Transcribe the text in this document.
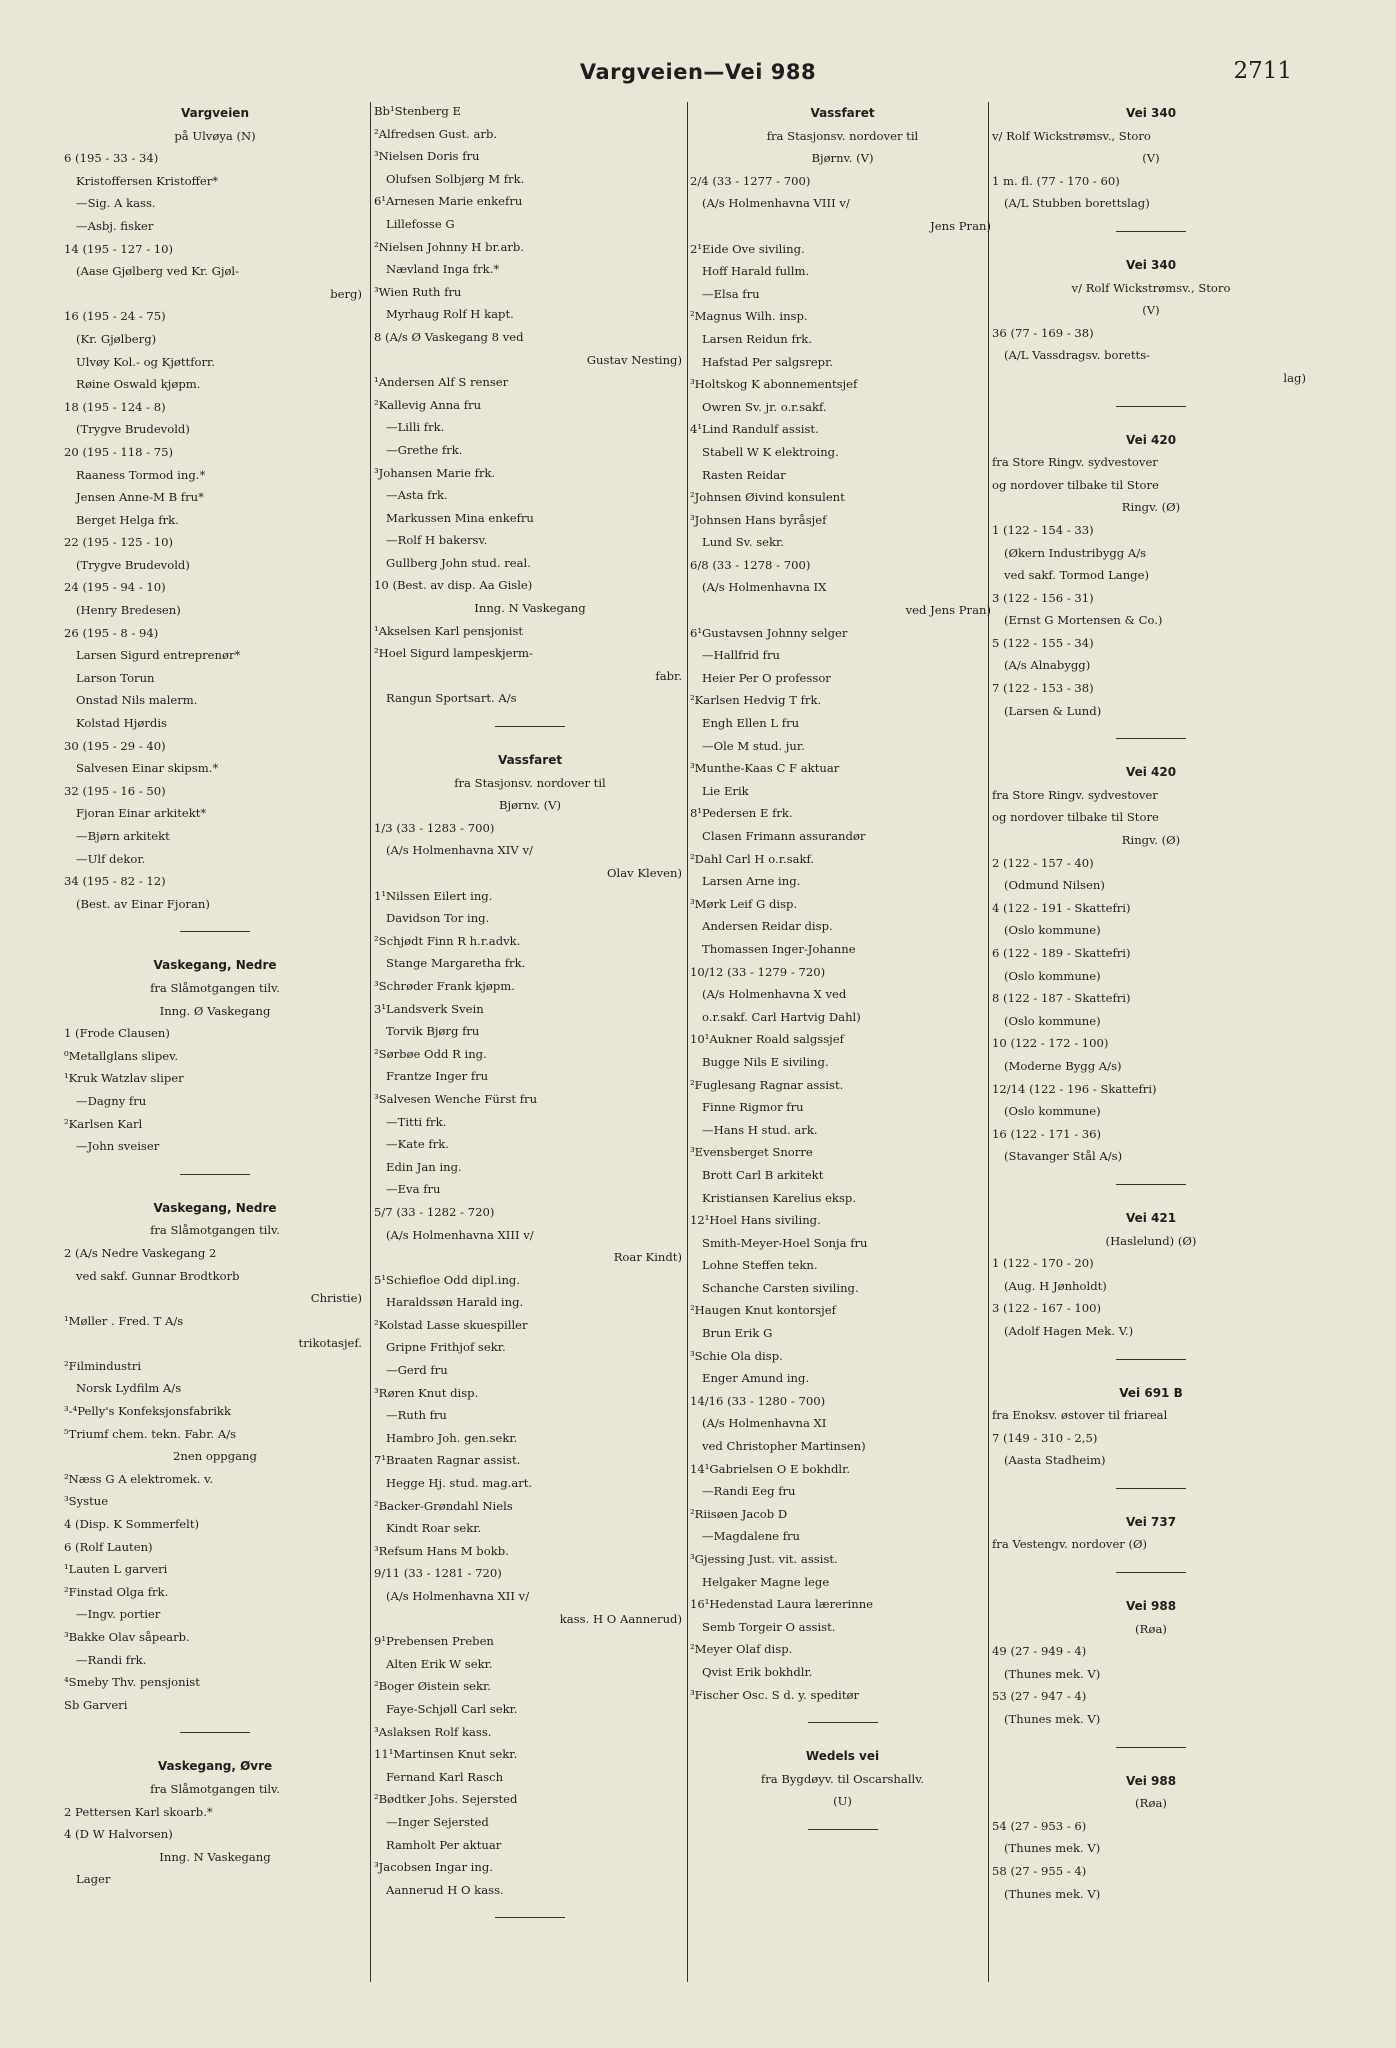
Vargveien—Vei 988	2711
Vargveien
på Ulvøya (N)
6 (195 - 33 - 34)
Kristoffersen Kristoffer*
—Sig. A kass.
—Asbj. fisker
14 (195 - 127 - 10)
(Aase Gjølberg ved Kr. Gjøl-
berg)
16 (195 - 24 - 75)
(Kr. Gjølberg)
Ulvøy Kol.- og Kjøttforr.
Røine Oswald kjøpm.
18 (195 - 124 - 8)
(Trygve Brudevold)
20 (195 - 118 - 75)
Raaness Tormod ing.*
Jensen Anne-M B fru*
Berget Helga frk.
22 (195 - 125 - 10)
(Trygve Brudevold)
24 (195 - 94 - 10)
(Henry Bredesen)
26 (195 - 8 - 94)
Larsen Sigurd entreprenør*
Larson Torun
Onstad Nils malerm.
Kolstad Hjørdis
30 (195 - 29 - 40)
Salvesen Einar skipsm.*
32 (195 - 16 - 50)
Fjoran Einar arkitekt*
—Bjørn arkitekt
—Ulf dekor.
34 (195 - 82 - 12)
(Best. av Einar Fjoran)
Vaskegang, Nedre
fra Slåmotgangen tilv.
Inng. Ø Vaskegang
1 (Frode Clausen)
⁰Metallglans slipev.
¹Kruk Watzlav sliper
—Dagny fru
²Karlsen Karl
—John sveiser
Vaskegang, Nedre
fra Slåmotgangen tilv.
2 (A/s Nedre Vaskegang 2
ved sakf. Gunnar Brodtkorb
Christie)
¹Møller . Fred. T A/s
trikotasjef.
²Filmindustri
Norsk Lydfilm A/s
³-⁴Pelly's Konfeksjonsfabrikk
⁵Triumf chem. tekn. Fabr. A/s
2nen oppgang
²Næss G A elektromek. v.
³Systue
4 (Disp. K Sommerfelt)
6 (Rolf Lauten)
¹Lauten L garveri
²Finstad Olga frk.
—Ingv. portier
³Bakke Olav såpearb.
—Randi frk.
⁴Smeby Thv. pensjonist
Sb Garveri
Vaskegang, Øvre
fra Slåmotgangen tilv.
2 Pettersen Karl skoarb.*
4 (D W Halvorsen)
Inng. N Vaskegang
Lager
Bb¹Stenberg E
²Alfredsen Gust. arb.
³Nielsen Doris fru
Olufsen Solbjørg M frk.
6¹Arnesen Marie enkefru
Lillefosse G
²Nielsen Johnny H br.arb.
Nævland Inga frk.*
³Wien Ruth fru
Myrhaug Rolf H kapt.
8 (A/s Ø Vaskegang 8 ved
Gustav Nesting)
¹Andersen Alf S renser
²Kallevig Anna fru
—Lilli frk.
—Grethe frk.
³Johansen Marie frk.
—Asta frk.
Markussen Mina enkefru
—Rolf H bakersv.
Gullberg John stud. real.
10 (Best. av disp. Aa Gisle)
Inng. N Vaskegang
¹Akselsen Karl pensjonist
²Hoel Sigurd lampeskjerm-
fabr.
Rangun Sportsart. A/s
Vassfaret
fra Stasjonsv. nordover til
Bjørnv. (V)
1/3 (33 - 1283 - 700)
(A/s Holmenhavna XIV v/
Olav Kleven)
1¹Nilssen Eilert ing.
Davidson Tor ing.
²Schjødt Finn R h.r.advk.
Stange Margaretha frk.
³Schrøder Frank kjøpm.
3¹Landsverk Svein
Torvik Bjørg fru
²Sørbøe Odd R ing.
Frantze Inger fru
³Salvesen Wenche Fürst fru
—Titti frk.
—Kate frk.
Edin Jan ing.
—Eva fru
5/7 (33 - 1282 - 720)
(A/s Holmenhavna XIII v/
Roar Kindt)
5¹Schiefloe Odd dipl.ing.
Haraldssøn Harald ing.
²Kolstad Lasse skuespiller
Gripne Frithjof sekr.
—Gerd fru
³Røren Knut disp.
—Ruth fru
Hambro Joh. gen.sekr.
7¹Braaten Ragnar assist.
Hegge Hj. stud. mag.art.
²Backer-Grøndahl Niels
Kindt Roar sekr.
³Refsum Hans M bokb.
9/11 (33 - 1281 - 720)
(A/s Holmenhavna XII v/
kass. H O Aannerud)
9¹Prebensen Preben
Alten Erik W sekr.
²Boger Øistein sekr.
Faye-Schjøll Carl sekr.
³Aslaksen Rolf kass.
11¹Martinsen Knut sekr.
Fernand Karl Rasch
²Bødtker Johs. Sejersted
—Inger Sejersted
Ramholt Per aktuar
³Jacobsen Ingar ing.
Aannerud H O kass.
Vassfaret
fra Stasjonsv. nordover til
Bjørnv. (V)
2/4 (33 - 1277 - 700)
(A/s Holmenhavna VIII v/
Jens Pran)
2¹Eide Ove siviling.
Hoff Harald fullm.
—Elsa fru
²Magnus Wilh. insp.
Larsen Reidun frk.
Hafstad Per salgsrepr.
³Holtskog K abonnementsjef
Owren Sv. jr. o.r.sakf.
4¹Lind Randulf assist.
Stabell W K elektroing.
Rasten Reidar
²Johnsen Øivind konsulent
³Johnsen Hans byråsjef
Lund Sv. sekr.
6/8 (33 - 1278 - 700)
(A/s Holmenhavna IX
ved Jens Pran)
6¹Gustavsen Johnny selger
—Hallfrid fru
Heier Per O professor
²Karlsen Hedvig T frk.
Engh Ellen L fru
—Ole M stud. jur.
³Munthe-Kaas C F aktuar
Lie Erik
8¹Pedersen E frk.
Clasen Frimann assurandør
²Dahl Carl H o.r.sakf.
Larsen Arne ing.
³Mørk Leif G disp.
Andersen Reidar disp.
Thomassen Inger-Johanne
10/12 (33 - 1279 - 720)
(A/s Holmenhavna X ved
o.r.sakf. Carl Hartvig Dahl)
10¹Aukner Roald salgssjef
Bugge Nils E siviling.
²Fuglesang Ragnar assist.
Finne Rigmor fru
—Hans H stud. ark.
³Evensberget Snorre
Brott Carl B arkitekt
Kristiansen Karelius eksp.
12¹Hoel Hans siviling.
Smith-Meyer-Hoel Sonja fru
Lohne Steffen tekn.
Schanche Carsten siviling.
²Haugen Knut kontorsjef
Brun Erik G
³Schie Ola disp.
Enger Amund ing.
14/16 (33 - 1280 - 700)
(A/s Holmenhavna XI
ved Christopher Martinsen)
14¹Gabrielsen O E bokhdlr.
—Randi Eeg fru
²Riisøen Jacob D
—Magdalene fru
³Gjessing Just. vit. assist.
Helgaker Magne lege
16¹Hedenstad Laura lærerinne
Semb Torgeir O assist.
²Meyer Olaf disp.
Qvist Erik bokhdlr.
³Fischer Osc. S d. y. speditør
Wedels vei
fra Bygdøyv. til Oscarshallv.
(U)
Vei 340
v/ Rolf Wickstrømsv., Storo
(V)
1 m. fl. (77 - 170 - 60)
(A/L Stubben borettslag)
Vei 340
v/ Rolf Wickstrømsv., Storo
(V)
36 (77 - 169 - 38)
(A/L Vassdragsv. boretts-
lag)
Vei 420
fra Store Ringv. sydvestover
og nordover tilbake til Store
Ringv. (Ø)
1 (122 - 154 - 33)
(Økern Industribygg A/s
ved sakf. Tormod Lange)
3 (122 - 156 - 31)
(Ernst G Mortensen & Co.)
5 (122 - 155 - 34)
(A/s Alnabygg)
7 (122 - 153 - 38)
(Larsen & Lund)
Vei 420
fra Store Ringv. sydvestover
og nordover tilbake til Store
Ringv. (Ø)
2 (122 - 157 - 40)
(Odmund Nilsen)
4 (122 - 191 - Skattefri)
(Oslo kommune)
6 (122 - 189 - Skattefri)
(Oslo kommune)
8 (122 - 187 - Skattefri)
(Oslo kommune)
10 (122 - 172 - 100)
(Moderne Bygg A/s)
12/14 (122 - 196 - Skattefri)
(Oslo kommune)
16 (122 - 171 - 36)
(Stavanger Stål A/s)
Vei 421
(Haslelund) (Ø)
1 (122 - 170 - 20)
(Aug. H Jønholdt)
3 (122 - 167 - 100)
(Adolf Hagen Mek. V.)
Vei 691 B
fra Enoksv. østover til friareal
7 (149 - 310 - 2,5)
(Aasta Stadheim)
Vei 737
fra Vestengv. nordover (Ø)
Vei 988
(Røa)
49 (27 - 949 - 4)
(Thunes mek. V)
53 (27 - 947 - 4)
(Thunes mek. V)
Vei 988
(Røa)
54 (27 - 953 - 6)
(Thunes mek. V)
58 (27 - 955 - 4)
(Thunes mek. V)
